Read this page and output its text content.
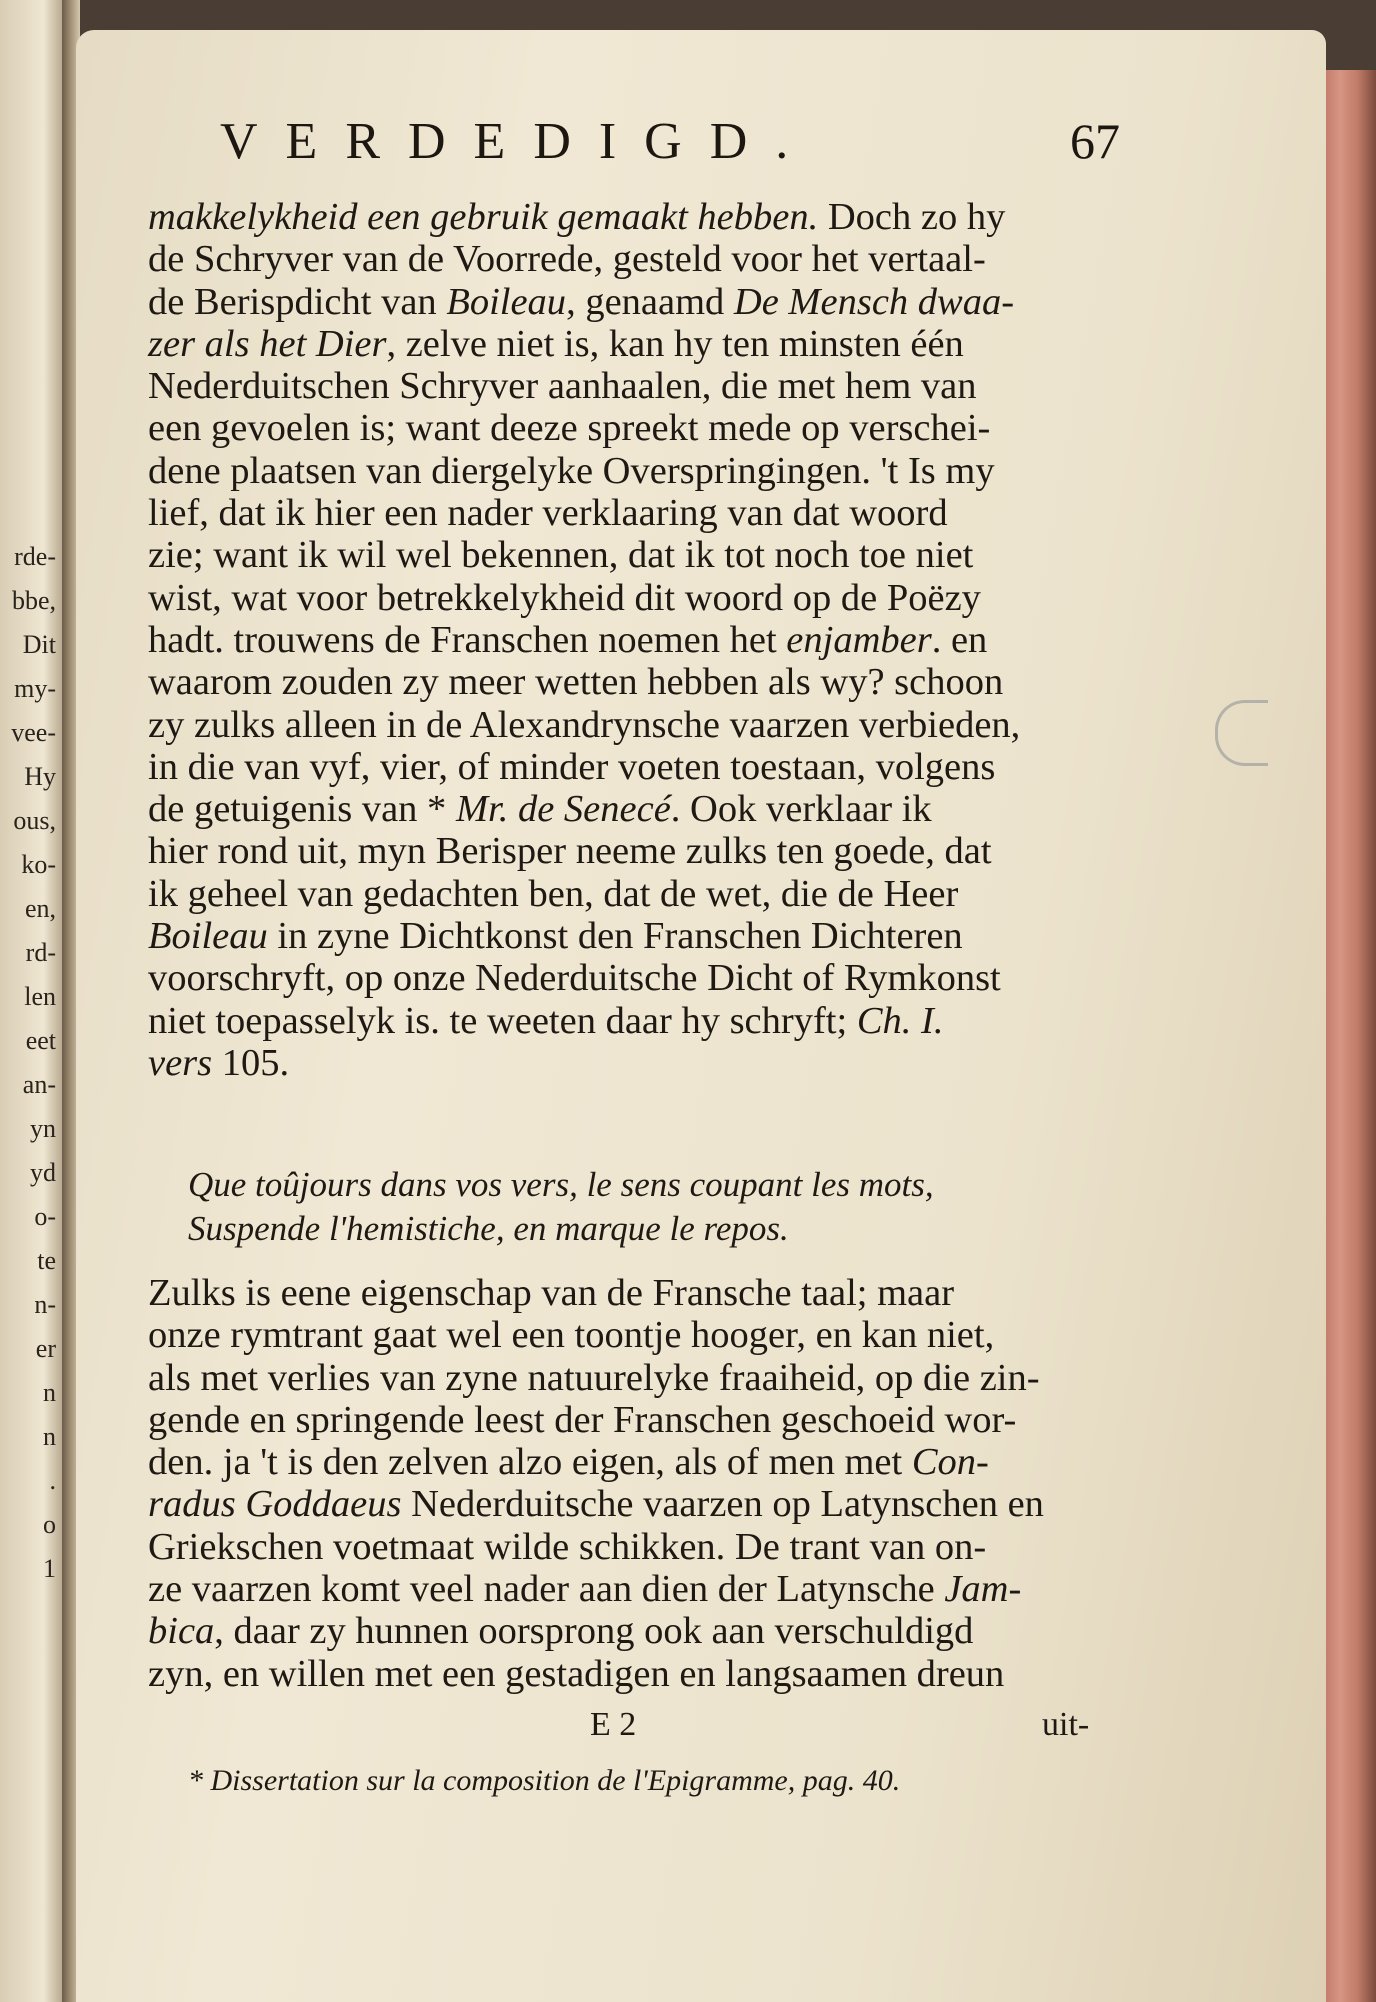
rde-
bbe,
Dit
my-
vee-
Hy
ous,
ko-
en,
rd-
len
eet
an-
yn
yd
o-
te
n-
er
n
n
.
o
1
VERDEDIGD.	67
makkelykheid een gebruik gemaakt hebben. Doch zo hy
de Schryver van de Voorrede, gesteld voor het vertaal-
de Berispdicht van Boileau, genaamd De Mensch dwaa-
zer als het Dier, zelve niet is, kan hy ten minsten één
Nederduitschen Schryver aanhaalen, die met hem van
een gevoelen is; want deeze spreekt mede op verschei-
dene plaatsen van diergelyke Overspringingen. 't Is my
lief, dat ik hier een nader verklaaring van dat woord
zie; want ik wil wel bekennen, dat ik tot noch toe niet
wist, wat voor betrekkelykheid dit woord op de Poëzy
hadt. trouwens de Franschen noemen het enjamber. en
waarom zouden zy meer wetten hebben als wy? schoon
zy zulks alleen in de Alexandrynsche vaarzen verbieden,
in die van vyf, vier, of minder voeten toestaan, volgens
de getuigenis van * Mr. de Senecé. Ook verklaar ik
hier rond uit, myn Berisper neeme zulks ten goede, dat
ik geheel van gedachten ben, dat de wet, die de Heer
Boileau in zyne Dichtkonst den Franschen Dichteren
voorschryft, op onze Nederduitsche Dicht of Rymkonst
niet toepasselyk is. te weeten daar hy schryft; Ch. I.
vers 105.
Que toûjours dans vos vers, le sens coupant les mots,
Suspende l'hemistiche, en marque le repos.
Zulks is eene eigenschap van de Fransche taal; maar
onze rymtrant gaat wel een toontje hooger, en kan niet,
als met verlies van zyne natuurelyke fraaiheid, op die zin-
gende en springende leest der Franschen geschoeid wor-
den. ja 't is den zelven alzo eigen, als of men met Con-
radus Goddaeus Nederduitsche vaarzen op Latynschen en
Griekschen voetmaat wilde schikken. De trant van on-
ze vaarzen komt veel nader aan dien der Latynsche Jam-
bica, daar zy hunnen oorsprong ook aan verschuldigd
zyn, en willen met een gestadigen en langsaamen dreun
E 2	uit-
* Dissertation sur la composition de l'Epigramme, pag. 40.
